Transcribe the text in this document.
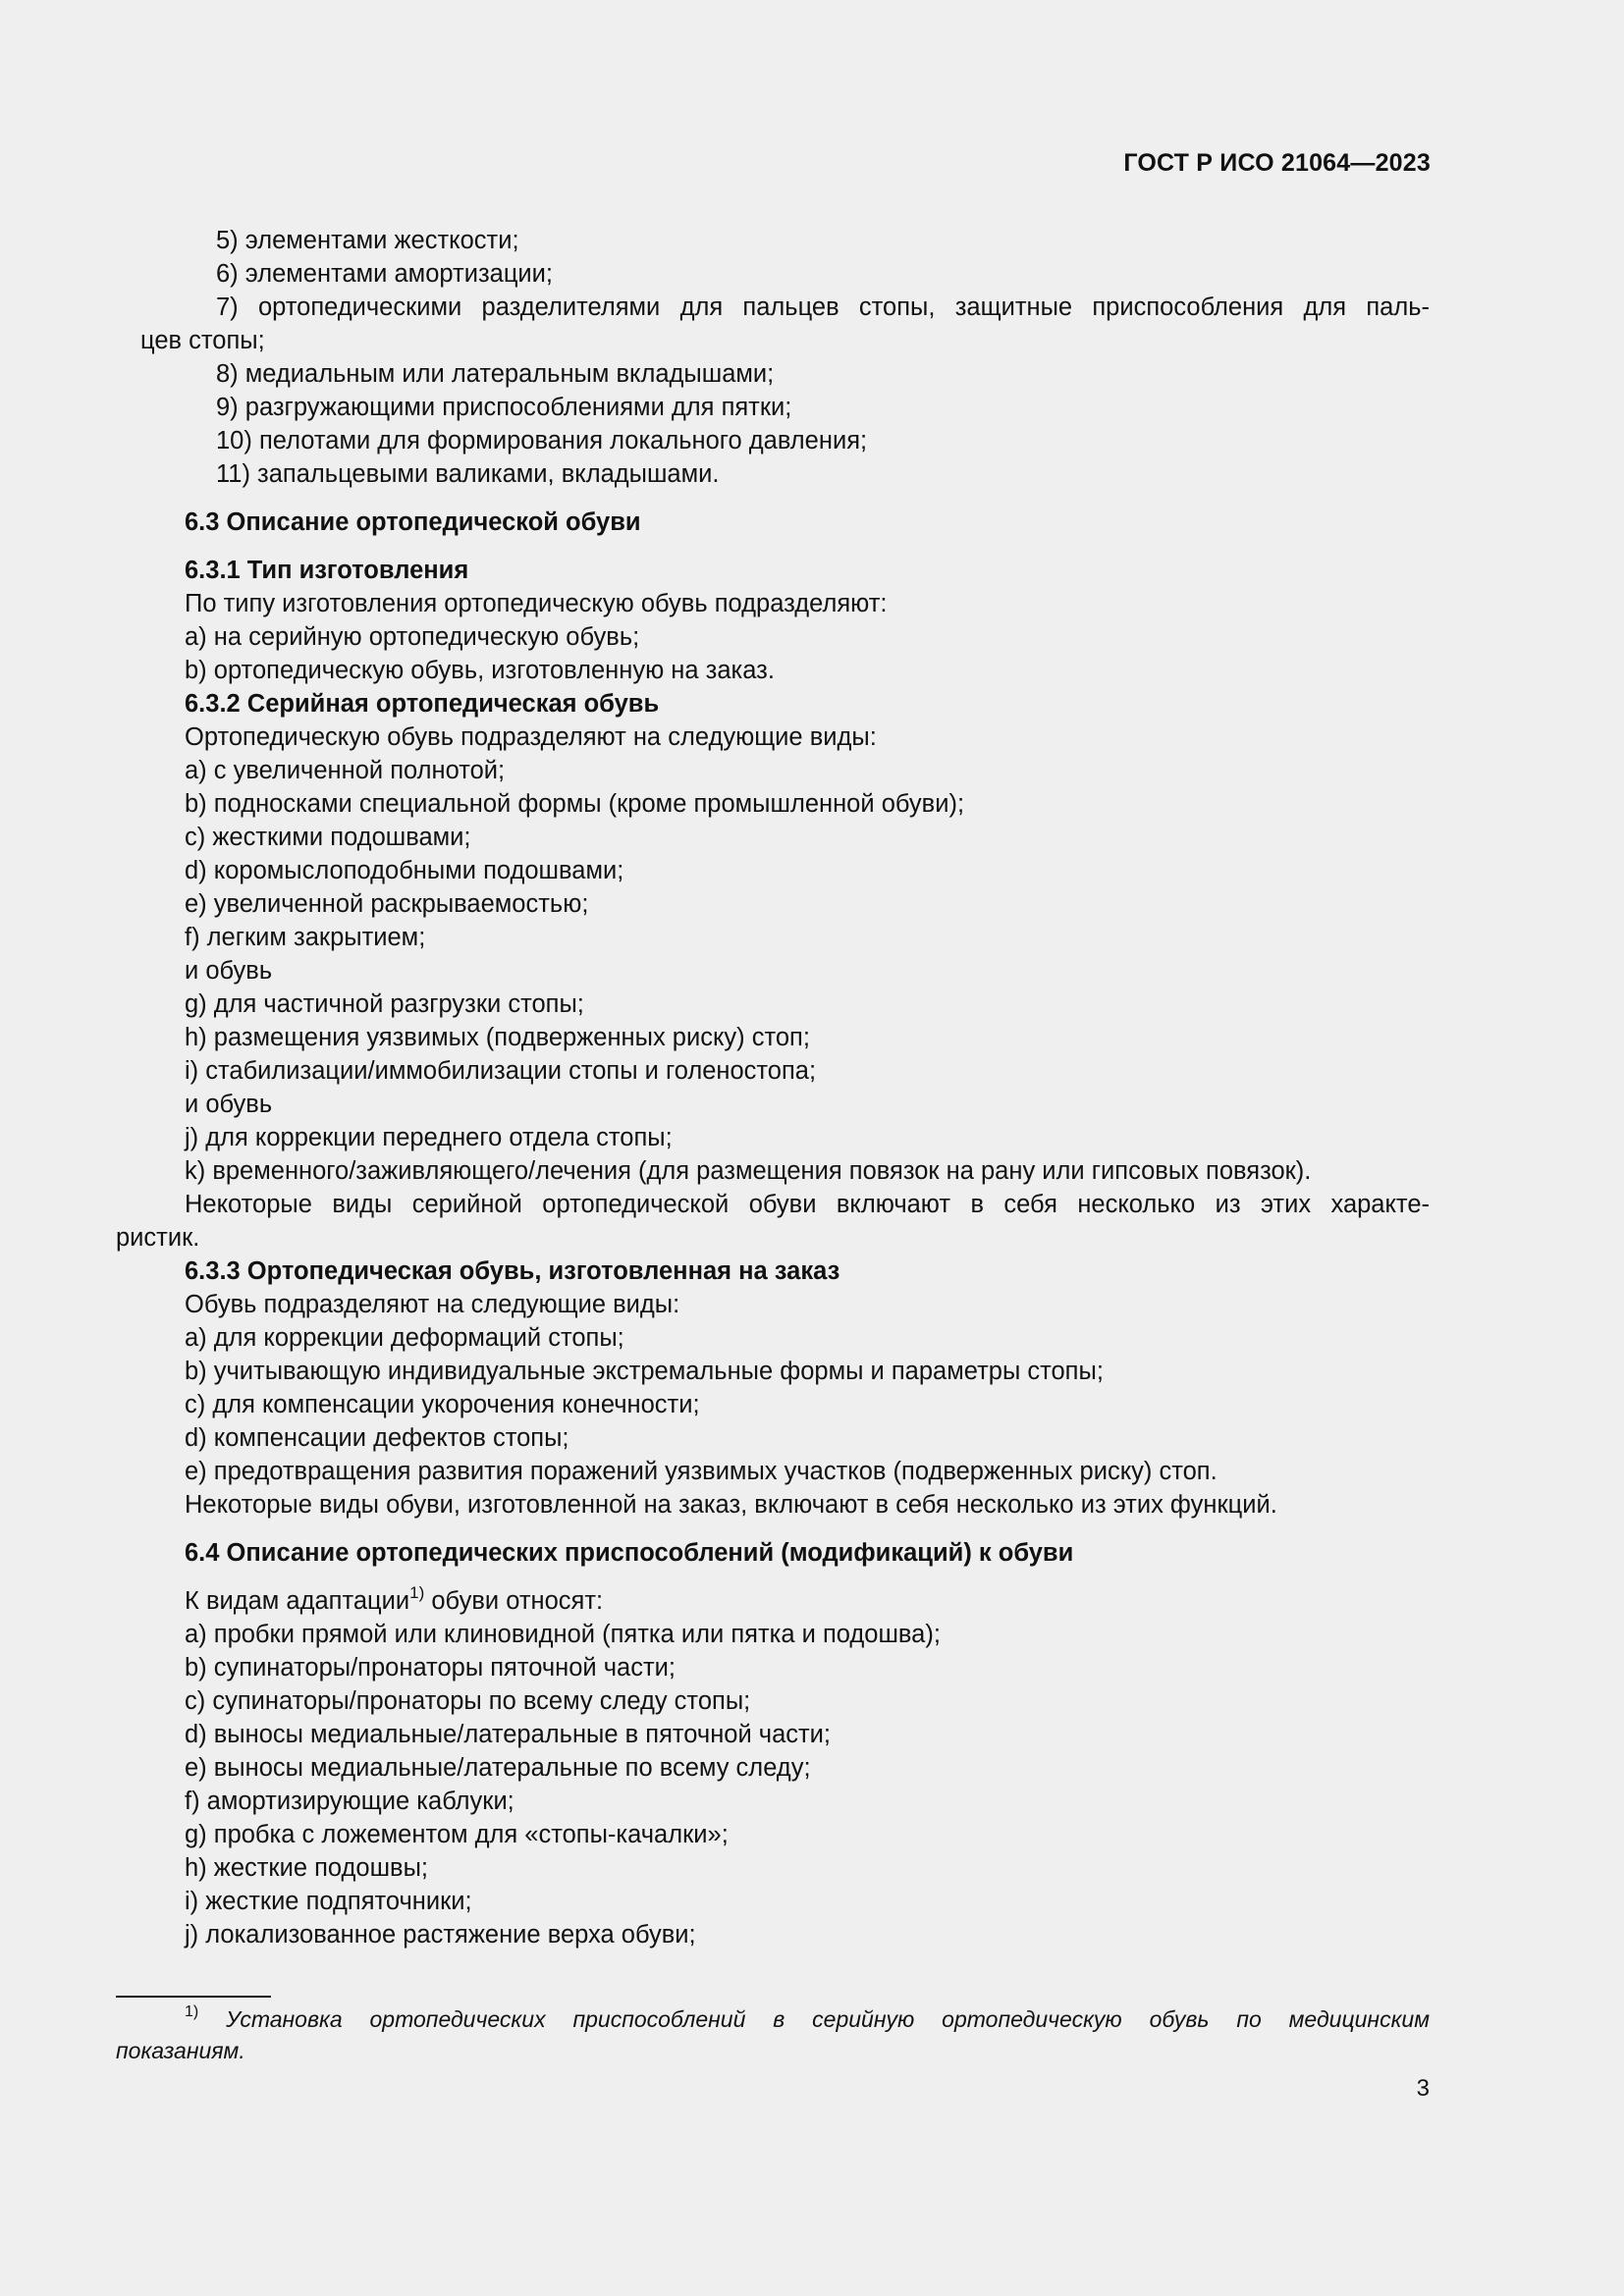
ГОСТ Р ИСО 21064—2023
5) элементами жесткости;
6) элементами амортизации;
7) ортопедическими разделителями для пальцев стопы, защитные приспособления для паль-
цев стопы;
8) медиальным или латеральным вкладышами;
9) разгружающими приспособлениями для пятки;
10) пелотами для формирования локального давления;
11) запальцевыми валиками, вкладышами.
6.3 Описание ортопедической обуви
6.3.1 Тип изготовления
По типу изготовления ортопедическую обувь подразделяют:
a) на серийную ортопедическую обувь;
b) ортопедическую обувь, изготовленную на заказ.
6.3.2 Серийная ортопедическая обувь
Ортопедическую обувь подразделяют на следующие виды:
a) с увеличенной полнотой;
b) подносками специальной формы (кроме промышленной обуви);
c) жесткими подошвами;
d) коромыслоподобными подошвами;
e) увеличенной раскрываемостью;
f) легким закрытием;
и обувь
g) для частичной разгрузки стопы;
h) размещения уязвимых (подверженных риску) стоп;
i) стабилизации/иммобилизации стопы и голеностопа;
и обувь
j) для коррекции переднего отдела стопы;
k) временного/заживляющего/лечения (для размещения повязок на рану или гипсовых повязок).
Некоторые виды серийной ортопедической обуви включают в себя несколько из этих характе-
ристик.
6.3.3 Ортопедическая обувь, изготовленная на заказ
Обувь подразделяют на следующие виды:
a) для коррекции деформаций стопы;
b) учитывающую индивидуальные экстремальные формы и параметры стопы;
c) для компенсации укорочения конечности;
d) компенсации дефектов стопы;
e) предотвращения развития поражений уязвимых участков (подверженных риску) стоп.
Некоторые виды обуви, изготовленной на заказ, включают в себя несколько из этих функций.
6.4 Описание ортопедических приспособлений (модификаций) к обуви
К видам адаптации$^{1)}$ обуви относят:
a) пробки прямой или клиновидной (пятка или пятка и подошва);
b) супинаторы/пронаторы пяточной части;
c) супинаторы/пронаторы по всему следу стопы;
d) выносы медиальные/латеральные в пяточной части;
e) выносы медиальные/латеральные по всему следу;
f) амортизирующие каблуки;
g) пробка с ложементом для «стопы-качалки»;
h) жесткие подошвы;
i) жесткие подпяточники;
j) локализованное растяжение верха обуви;
$^{1)}$ Установка ортопедических приспособлений в серийную ортопедическую обувь по медицинским
показаниям.
3
